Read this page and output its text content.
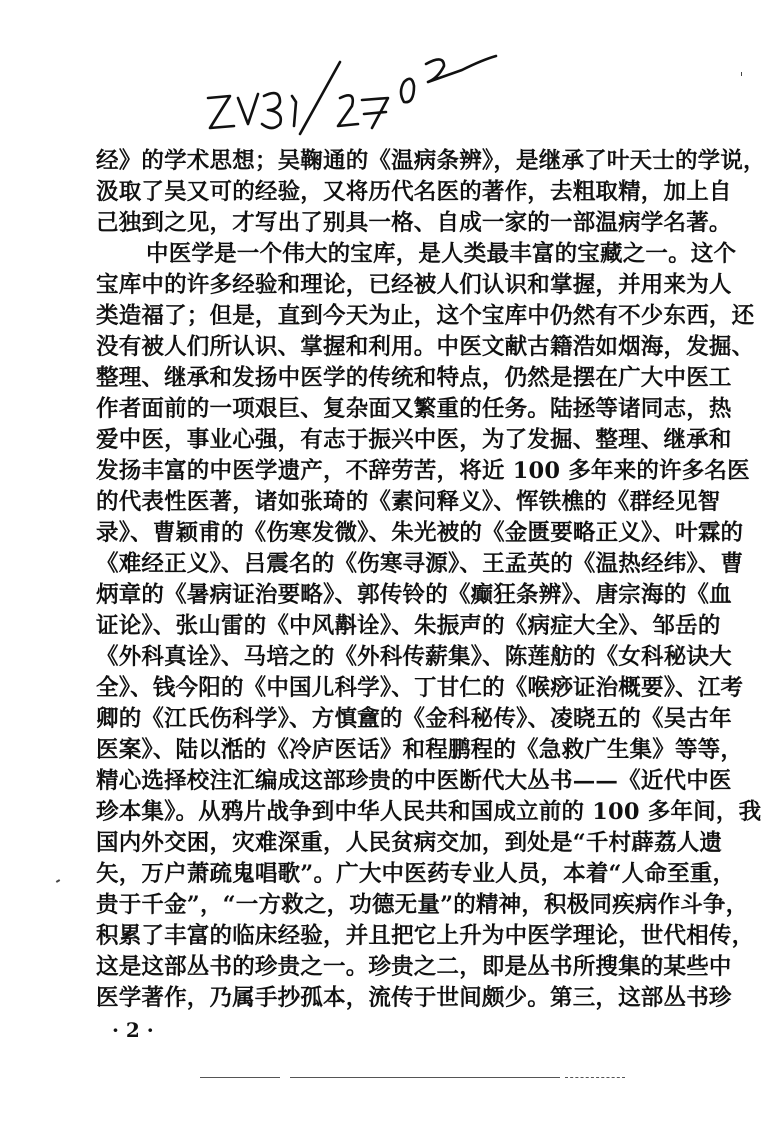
经》的学术思想；吴鞠通的《温病条辨》，是继承了叶天士的学说，
汲取了吴又可的经验，又将历代名医的著作，去粗取精，加上自
己独到之见，才写出了别具一格、自成一家的一部温病学名著。
中医学是一个伟大的宝库，是人类最丰富的宝藏之一。这个
宝库中的许多经验和理论，已经被人们认识和掌握，并用来为人
类造福了；但是，直到今天为止，这个宝库中仍然有不少东西，还
没有被人们所认识、掌握和利用。中医文献古籍浩如烟海，发掘、
整理、继承和发扬中医学的传统和特点，仍然是摆在广大中医工
作者面前的一项艰巨、复杂面又繁重的任务。陆拯等诸同志，热
爱中医，事业心强，有志于振兴中医，为了发掘、整理、继承和
发扬丰富的中医学遗产，不辞劳苦，将近 100 多年来的许多名医
的代表性医著，诸如张琦的《素问释义》、恽铁樵的《群经见智
录》、曹颖甫的《伤寒发微》、朱光被的《金匮要略正义》、叶霖的
《难经正义》、吕震名的《伤寒寻源》、王孟英的《温热经纬》、曹
炳章的《暑病证治要略》、郭传铃的《癫狂条辨》、唐宗海的《血
证论》、张山雷的《中风斠诠》、朱振声的《病症大全》、邹岳的
《外科真诠》、马培之的《外科传薪集》、陈莲舫的《女科秘诀大
全》、钱今阳的《中国儿科学》、丁甘仁的《喉痧证治概要》、江考
卿的《江氏伤科学》、方慎盦的《金科秘传》、凌晓五的《吴古年
医案》、陆以湉的《冷庐医话》和程鹏程的《急救广生集》等等，
精心选择校注汇编成这部珍贵的中医断代大丛书——《近代中医
珍本集》。从鸦片战争到中华人民共和国成立前的 100 多年间，我
国内外交困，灾难深重，人民贫病交加，到处是“千村薜荔人遗
矢，万户萧疏鬼唱歌”。广大中医药专业人员，本着“人命至重，
贵于千金”，“一方救之，功德无量”的精神，积极同疾病作斗争，
积累了丰富的临床经验，并且把它上升为中医学理论，世代相传，
这是这部丛书的珍贵之一。珍贵之二，即是丛书所搜集的某些中
医学著作，乃属手抄孤本，流传于世间颇少。第三，这部丛书珍
· 2 ·
